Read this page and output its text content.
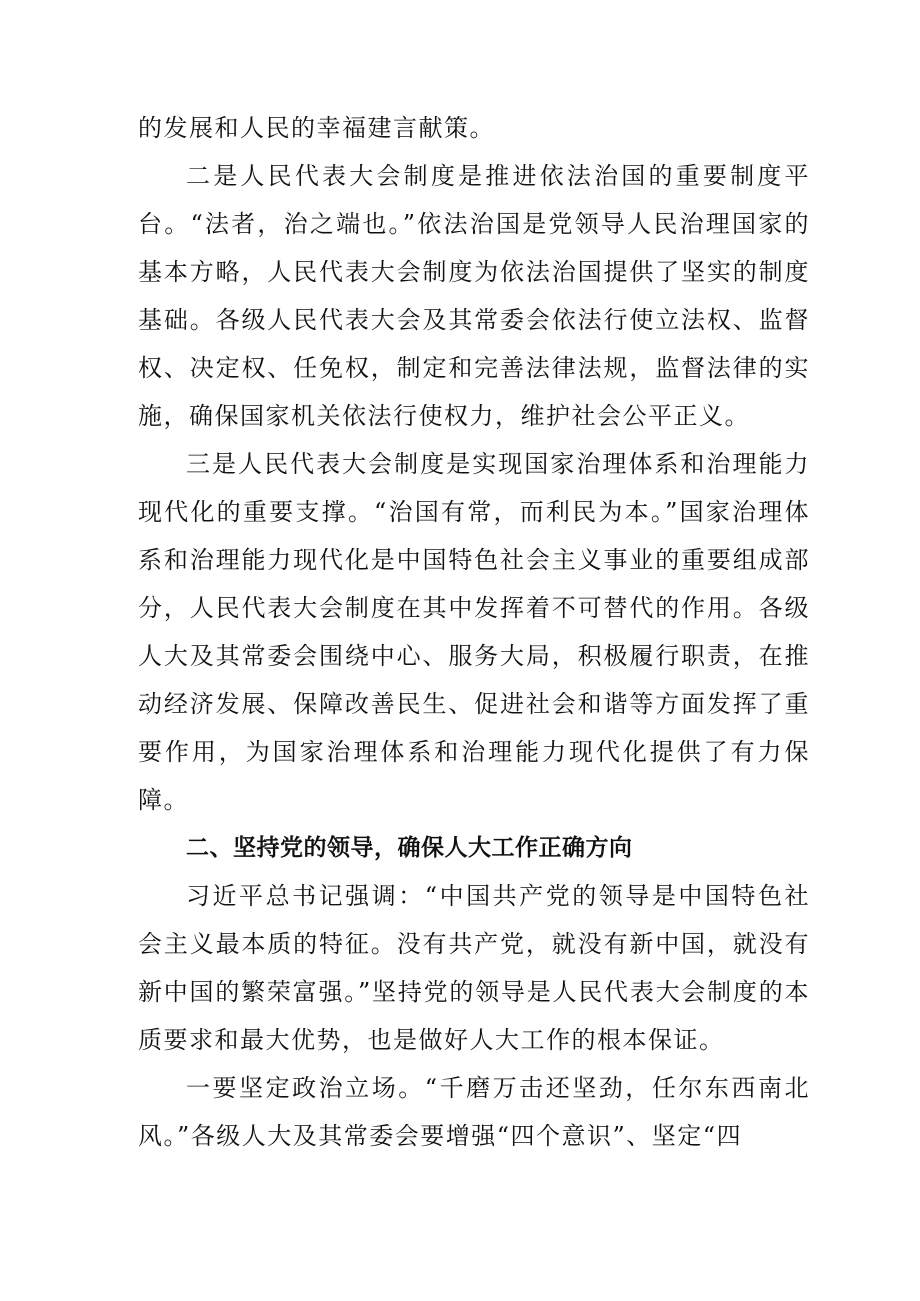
的发展和人民的幸福建言献策。

二是人民代表大会制度是推进依法治国的重要制度平台。“法者，治之端也。”依法治国是党领导人民治理国家的基本方略，人民代表大会制度为依法治国提供了坚实的制度基础。各级人民代表大会及其常委会依法行使立法权、监督权、决定权、任免权，制定和完善法律法规，监督法律的实施，确保国家机关依法行使权力，维护社会公平正义。

三是人民代表大会制度是实现国家治理体系和治理能力现代化的重要支撑。“治国有常，而利民为本。”国家治理体系和治理能力现代化是中国特色社会主义事业的重要组成部分，人民代表大会制度在其中发挥着不可替代的作用。各级人大及其常委会围绕中心、服务大局，积极履行职责，在推动经济发展、保障改善民生、促进社会和谐等方面发挥了重要作用，为国家治理体系和治理能力现代化提供了有力保障。

二、坚持党的领导，确保人大工作正确方向

习近平总书记强调：“中国共产党的领导是中国特色社会主义最本质的特征。没有共产党，就没有新中国，就没有新中国的繁荣富强。”坚持党的领导是人民代表大会制度的本质要求和最大优势，也是做好人大工作的根本保证。

一要坚定政治立场。“千磨万击还坚劲，任尔东西南北风。”各级人大及其常委会要增强“四个意识”、坚定“四
